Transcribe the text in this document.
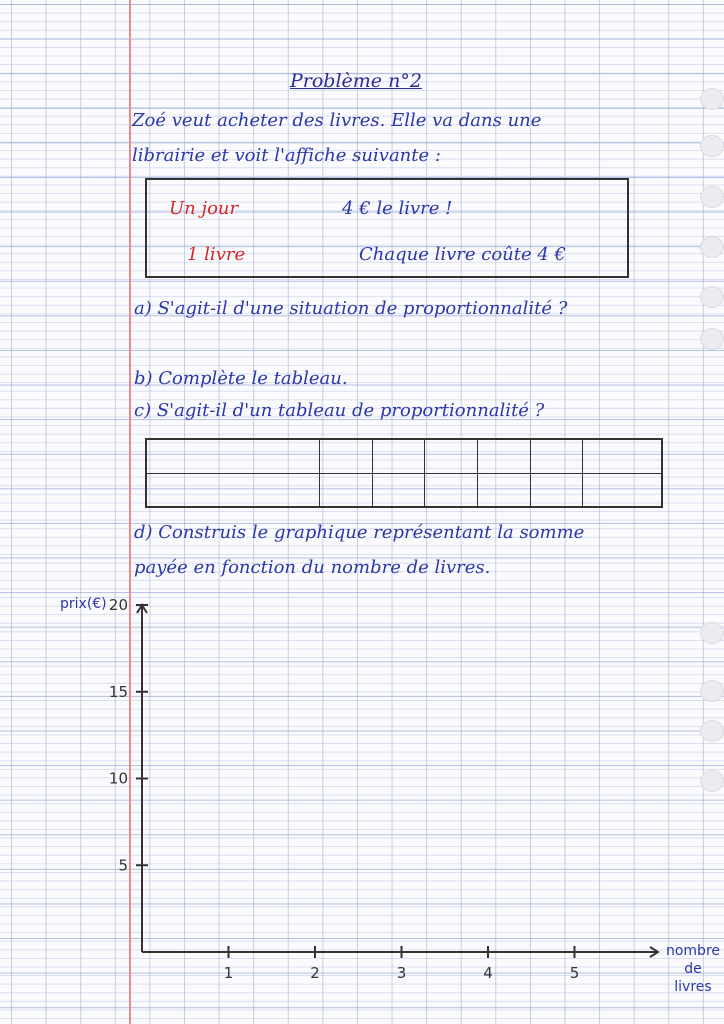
Problème n°2
Zoé veut acheter des livres. Elle va dans une
librairie et voit l'affiche suivante :
Un jour
1 livre
4 € le livre !
Chaque livre coûte 4 €
a) S'agit-il d'une situation de proportionnalité ?
b) Complète le tableau.
c) S'agit-il d'un tableau de proportionnalité ?

d) Construis le graphique représentant la somme
payée en fonction du nombre de livres.
1	2	3	4	5
5
10
15
20
prix(€)
nombre de livres
